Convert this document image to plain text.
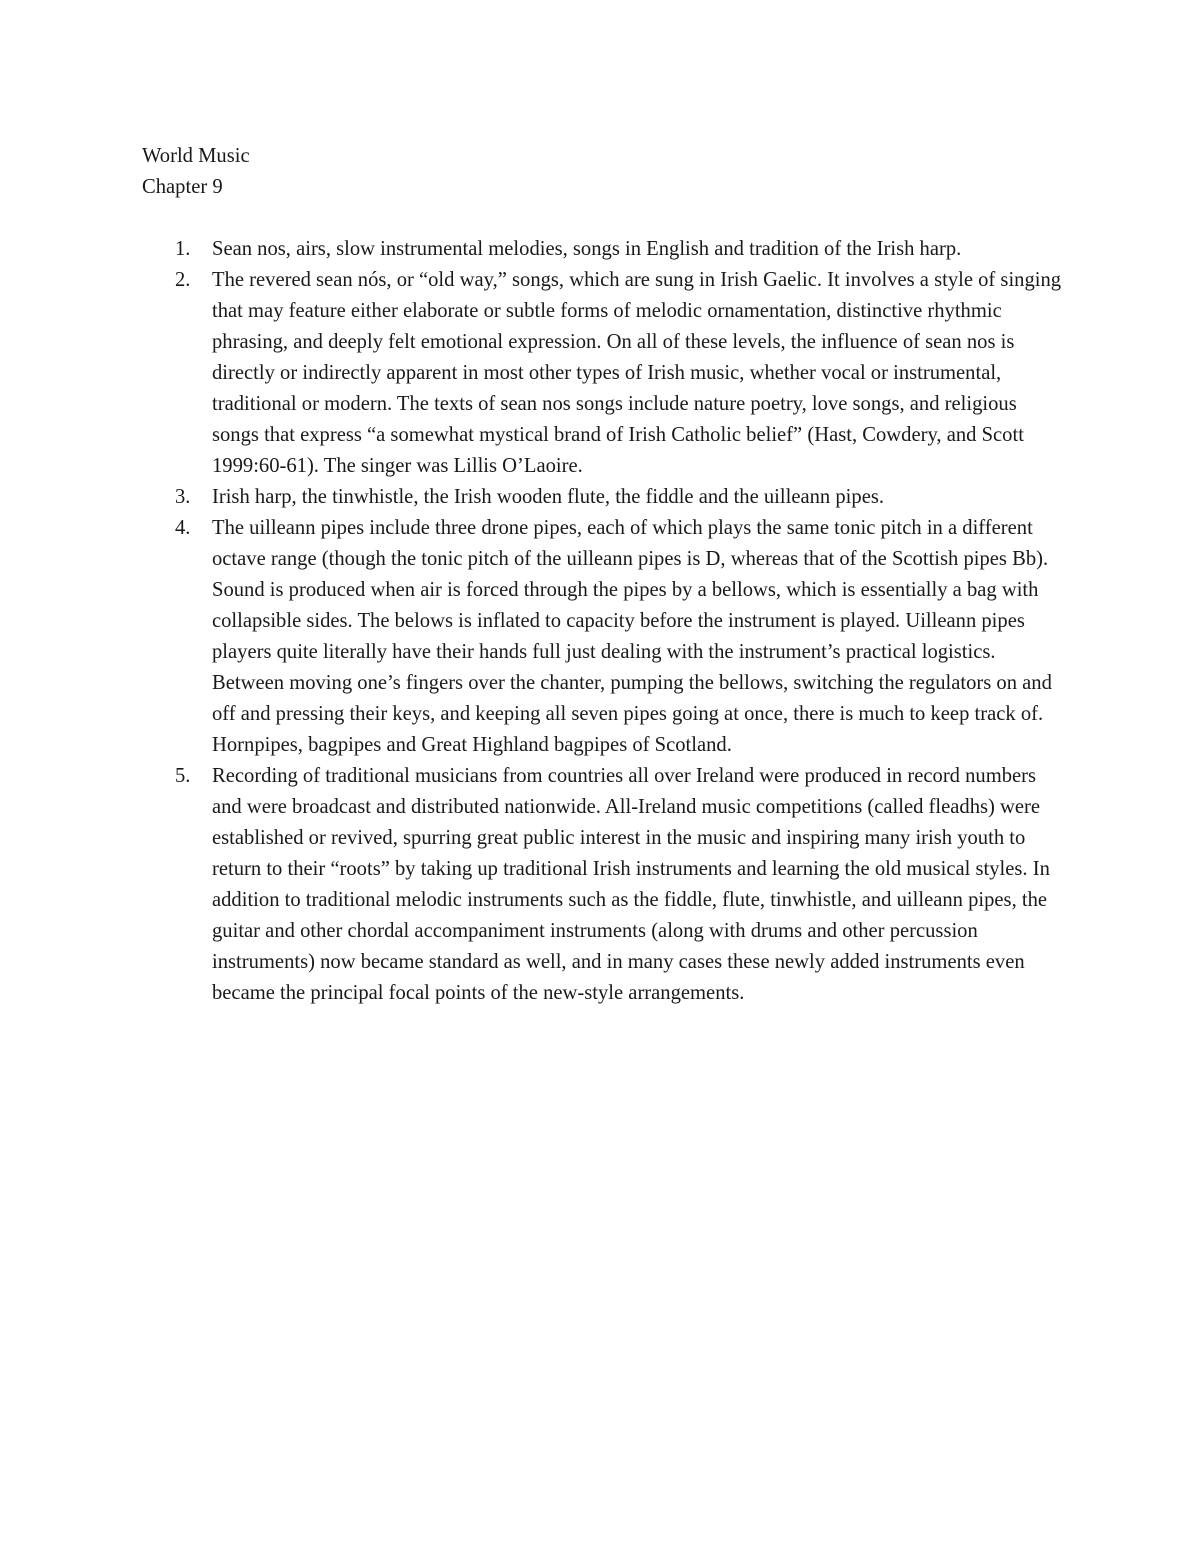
World Music
Chapter 9
1.	Sean nos, airs, slow instrumental melodies, songs in English and tradition of the Irish harp.
2.	The revered sean nós, or “old way,” songs, which are sung in Irish Gaelic. It involves a style of singing that may feature either elaborate or subtle forms of melodic ornamentation, distinctive rhythmic phrasing, and deeply felt emotional expression. On all of these levels, the influence of sean nos is directly or indirectly apparent in most other types of Irish music, whether vocal or instrumental, traditional or modern. The texts of sean nos songs include nature poetry, love songs, and religious songs that express “a somewhat mystical brand of Irish Catholic belief” (Hast, Cowdery, and Scott 1999:60-61). The singer was Lillis O’Laoire.
3.	Irish harp, the tinwhistle, the Irish wooden flute, the fiddle and the uilleann pipes.
4.	The uilleann pipes include three drone pipes, each of which plays the same tonic pitch in a different octave range (though the tonic pitch of the uilleann pipes is D, whereas that of the Scottish pipes Bb). Sound is produced when air is forced through the pipes by a bellows, which is essentially a bag with collapsible sides. The belows is inflated to capacity before the instrument is played. Uilleann pipes players quite literally have their hands full just dealing with the instrument’s practical logistics. Between moving one’s fingers over the chanter, pumping the bellows, switching the regulators on and off and pressing their keys, and keeping all seven pipes going at once, there is much to keep track of. Hornpipes, bagpipes and Great Highland bagpipes of Scotland.
5.	Recording of traditional musicians from countries all over Ireland were produced in record numbers and were broadcast and distributed nationwide. All-Ireland music competitions (called fleadhs) were established or revived, spurring great public interest in the music and inspiring many irish youth to return to their “roots” by taking up traditional Irish instruments and learning the old musical styles. In addition to traditional melodic instruments such as the fiddle, flute, tinwhistle, and uilleann pipes, the guitar and other chordal accompaniment instruments (along with drums and other percussion instruments) now became standard as well, and in many cases these newly added instruments even became the principal focal points of the new-style arrangements.
